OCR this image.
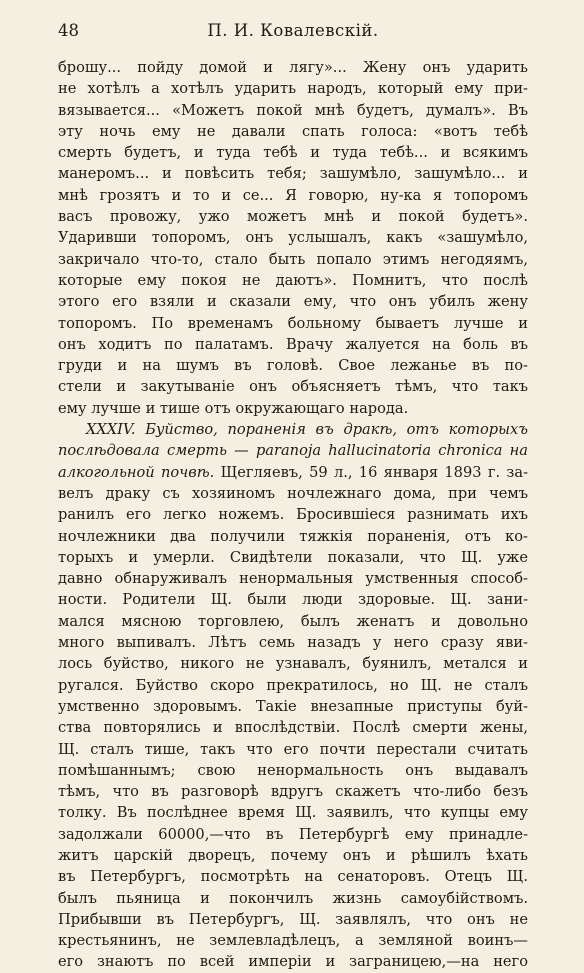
48	П. И. Ковалевскій.
брошу... пойду домой и лягу»... Жену онъ ударить
не хотѣлъ а хотѣлъ ударить народъ, который ему при-
вязывается... «Можетъ покой мнѣ будетъ, думалъ». Въ
эту ночь ему не давали спать голоса: «вотъ тебѣ
смерть будетъ, и туда тебѣ и туда тебѣ... и всякимъ
манеромъ... и повѣсить тебя; зашумѣло, зашумѣло... и
мнѣ грозятъ и то и се... Я говорю, ну-ка я топоромъ
васъ провожу, ужо можетъ мнѣ и покой будетъ».
Ударивши топоромъ, онъ услышалъ, какъ «зашумѣло,
закричало что-то, стало быть попало этимъ негодяямъ,
которые ему покоя не даютъ». Помнитъ, что послѣ
этого его взяли и сказали ему, что онъ убилъ жену
топоромъ. По временамъ больному бываетъ лучше и
онъ ходитъ по палатамъ. Врачу жалуется на боль въ
груди и на шумъ въ головѣ. Свое лежанье въ по-
стели и закутываніе онъ объясняетъ тѣмъ, что такъ
ему лучше и тише отъ окружающаго народа.
XXXIV. Буйство, пораненія въ дракѣ, отъ которыхъ
послѣдовала смерть — paranoja hallucinatoria chronica на
алкогольной почвѣ. Щегляевъ, 59 л., 16 января 1893 г. за-
велъ драку съ хозяиномъ ночлежнаго дома, при чемъ
ранилъ его легко ножемъ. Бросившіеся разнимать ихъ
ночлежники два получили тяжкія пораненія, отъ ко-
торыхъ и умерли. Свидѣтели показали, что Щ. уже
давно обнаруживалъ ненормальныя умственныя способ-
ности. Родители Щ. были люди здоровые. Щ. зани-
мался мясною торговлею, былъ женатъ и довольно
много выпивалъ. Лѣтъ семь назадъ у него сразу яви-
лось буйство, никого не узнавалъ, буянилъ, метался и
ругался. Буйство скоро прекратилось, но Щ. не сталъ
умственно здоровымъ. Такіе внезапные приступы буй-
ства повторялись и впослѣдствіи. Послѣ смерти жены,
Щ. сталъ тише, такъ что его почти перестали считать
помѣшаннымъ; свою ненормальность онъ выдавалъ
тѣмъ, что въ разговорѣ вдругъ скажетъ что-либо безъ
толку. Въ послѣднее время Щ. заявилъ, что купцы ему
задолжали 60000,—что въ Петербургѣ ему принадле-
житъ царскій дворецъ, почему онъ и рѣшилъ ѣхать
въ Петербургъ, посмотрѣть на сенаторовъ. Отецъ Щ.
былъ пьяница и покончилъ жизнь самоубійствомъ.
Прибывши въ Петербургъ, Щ. заявлялъ, что онъ не
крестьянинъ, не землевладѣлецъ, а земляной воинъ—
его знаютъ по всей имперіи и заграницею,—на него
